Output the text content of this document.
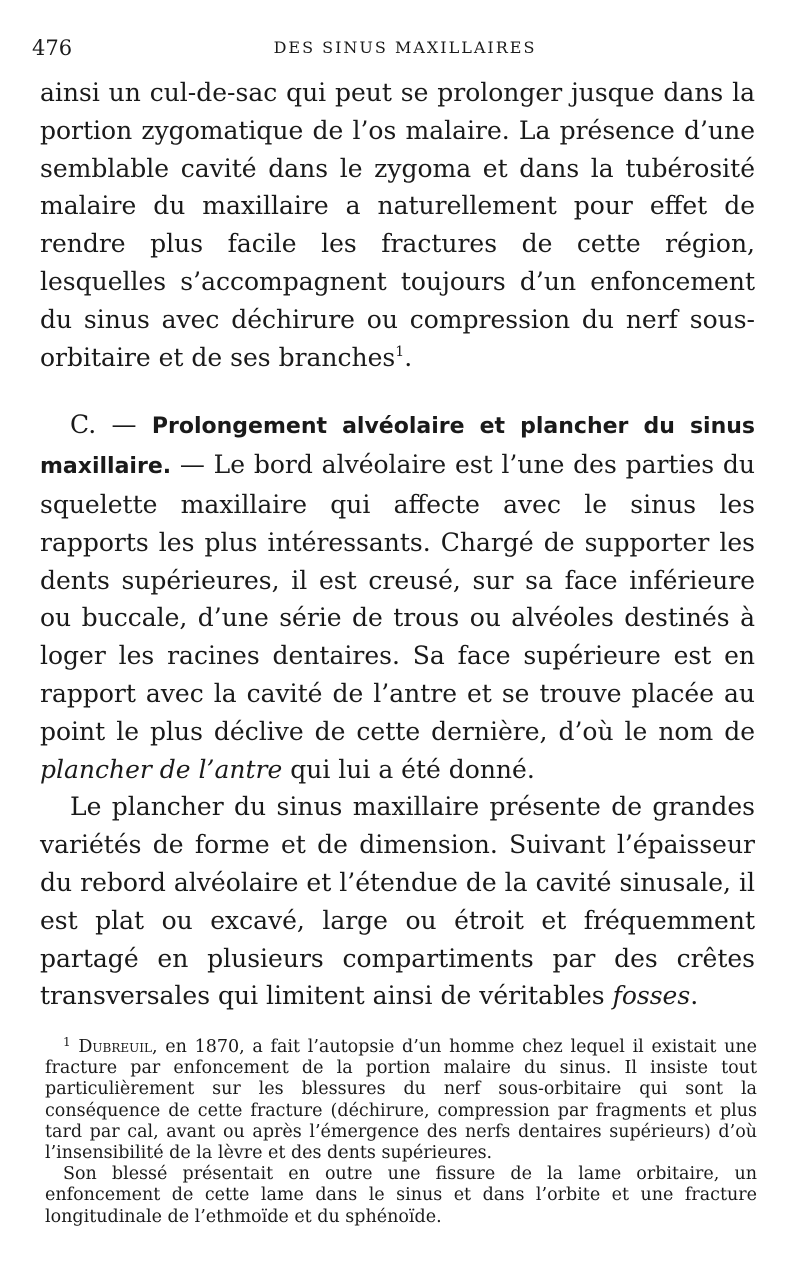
476	DES SINUS MAXILLAIRES

ainsi un cul-de-sac qui peut se prolonger jusque dans la portion zygomatique de l’os malaire. La présence d’une semblable cavité dans le zygoma et dans la tubérosité malaire du maxillaire a naturellement pour effet de rendre plus facile les fractures de cette région, lesquelles s’accompagnent toujours d’un enfoncement du sinus avec déchirure ou compression du nerf sous-orbitaire et de ses branches$^1$.

C. — Prolongement alvéolaire et plancher du sinus maxillaire. — Le bord alvéolaire est l’une des parties du squelette maxillaire qui affecte avec le sinus les rapports les plus intéressants. Chargé de supporter les dents supérieures, il est creusé, sur sa face inférieure ou buccale, d’une série de trous ou alvéoles destinés à loger les racines dentaires. Sa face supérieure est en rapport avec la cavité de l’antre et se trouve placée au point le plus déclive de cette dernière, d’où le nom de plancher de l’antre qui lui a été donné.

Le plancher du sinus maxillaire présente de grandes variétés de forme et de dimension. Suivant l’épaisseur du rebord alvéolaire et l’étendue de la cavité sinusale, il est plat ou excavé, large ou étroit et fréquemment partagé en plusieurs compartiments par des crêtes transversales qui limitent ainsi de véritables fosses.

$^1$ Dubreuil, en 1870, a fait l’autopsie d’un homme chez lequel il existait une fracture par enfoncement de la portion malaire du sinus. Il insiste tout particulièrement sur les blessures du nerf sous-orbitaire qui sont la conséquence de cette fracture (déchirure, compression par fragments et plus tard par cal, avant ou après l’émergence des nerfs dentaires supérieurs) d’où l’insensibilité de la lèvre et des dents supérieures.

Son blessé présentait en outre une fissure de la lame orbitaire, un enfoncement de cette lame dans le sinus et dans l’orbite et une fracture longitudinale de l’ethmoïde et du sphénoïde.
